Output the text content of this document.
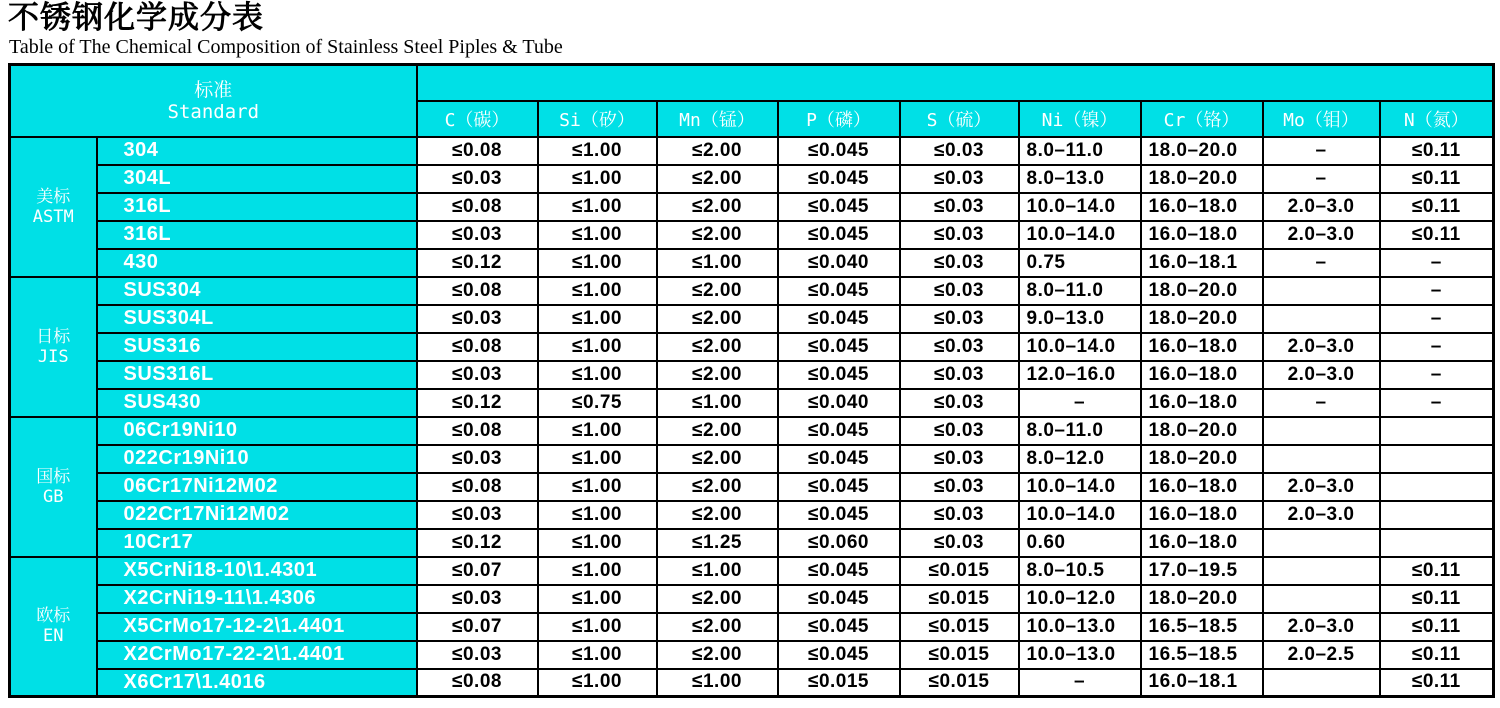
不锈钢化学成分表
Table of The Chemical Composition of Stainless Steel Piples & Tube
标准
Standard										

		C（碳）	Si（矽）	Mn（锰）	P（磷）	S（硫）	Ni（镍）	Cr（铬）	Mo（钼）	N（氮）

美标
ASTM	304	≤0.08	≤1.00	≤2.00	≤0.045	≤0.03	8.0–11.0	18.0–20.0	–	≤0.11
	304L	≤0.03	≤1.00	≤2.00	≤0.045	≤0.03	8.0–13.0	18.0–20.0	–	≤0.11
	316L	≤0.08	≤1.00	≤2.00	≤0.045	≤0.03	10.0–14.0	16.0–18.0	2.0–3.0	≤0.11
	316L	≤0.03	≤1.00	≤2.00	≤0.045	≤0.03	10.0–14.0	16.0–18.0	2.0–3.0	≤0.11
	430	≤0.12	≤1.00	≤1.00	≤0.040	≤0.03	0.75	16.0–18.1	–	–

日标
JIS	SUS304	≤0.08	≤1.00	≤2.00	≤0.045	≤0.03	8.0–11.0	18.0–20.0		–
	SUS304L	≤0.03	≤1.00	≤2.00	≤0.045	≤0.03	9.0–13.0	18.0–20.0		–
	SUS316	≤0.08	≤1.00	≤2.00	≤0.045	≤0.03	10.0–14.0	16.0–18.0	2.0–3.0	–
	SUS316L	≤0.03	≤1.00	≤2.00	≤0.045	≤0.03	12.0–16.0	16.0–18.0	2.0–3.0	–
	SUS430	≤0.12	≤0.75	≤1.00	≤0.040	≤0.03	–	16.0–18.0	–	–

国标
GB	06Cr19Ni10	≤0.08	≤1.00	≤2.00	≤0.045	≤0.03	8.0–11.0	18.0–20.0		
	022Cr19Ni10	≤0.03	≤1.00	≤2.00	≤0.045	≤0.03	8.0–12.0	18.0–20.0		
	06Cr17Ni12M02	≤0.08	≤1.00	≤2.00	≤0.045	≤0.03	10.0–14.0	16.0–18.0	2.0–3.0	
	022Cr17Ni12M02	≤0.03	≤1.00	≤2.00	≤0.045	≤0.03	10.0–14.0	16.0–18.0	2.0–3.0	
	10Cr17	≤0.12	≤1.00	≤1.25	≤0.060	≤0.03	0.60	16.0–18.0		

欧标
EN	X5CrNi18-10\1.4301	≤0.07	≤1.00	≤1.00	≤0.045	≤0.015	8.0–10.5	17.0–19.5		≤0.11
	X2CrNi19-11\1.4306	≤0.03	≤1.00	≤2.00	≤0.045	≤0.015	10.0–12.0	18.0–20.0		≤0.11
	X5CrMo17-12-2\1.4401	≤0.07	≤1.00	≤2.00	≤0.045	≤0.015	10.0–13.0	16.5–18.5	2.0–3.0	≤0.11
	X2CrMo17-22-2\1.4401	≤0.03	≤1.00	≤2.00	≤0.045	≤0.015	10.0–13.0	16.5–18.5	2.0–2.5	≤0.11
	X6Cr17\1.4016	≤0.08	≤1.00	≤1.00	≤0.015	≤0.015	–	16.0–18.1		≤0.11
